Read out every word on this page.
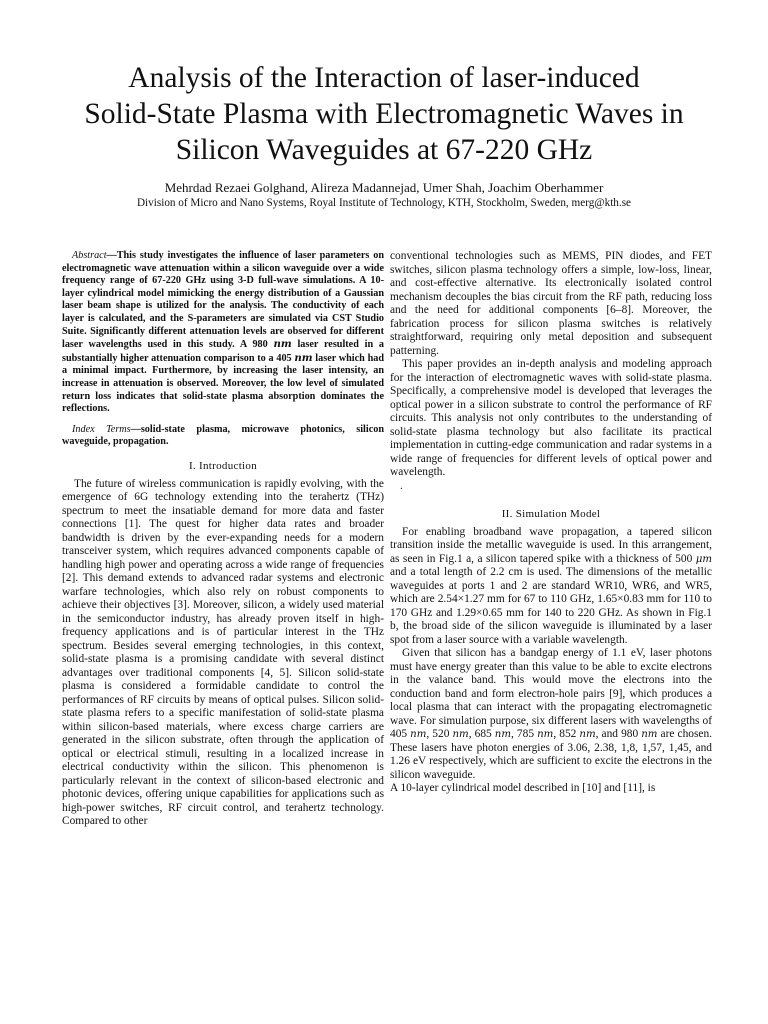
Analysis of the Interaction of laser-induced
Solid-State Plasma with Electromagnetic Waves in
Silicon Waveguides at 67-220 GHz
Mehrdad Rezaei Golghand, Alireza Madannejad, Umer Shah, Joachim Oberhammer
Division of Micro and Nano Systems, Royal Institute of Technology, KTH, Stockholm, Sweden, merg@kth.se

Abstract—This study investigates the influence of laser parameters on electromagnetic wave attenuation within a silicon waveguide over a wide frequency range of 67-220 GHz using 3-D full-wave simulations. A 10-layer cylindrical model mimicking the energy distribution of a Gaussian laser beam shape is utilized for the analysis. The conductivity of each layer is calculated, and the S-parameters are simulated via CST Studio Suite. Significantly different attenuation levels are observed for different laser wavelengths used in this study. A 980 nm laser resulted in a substantially higher attenuation comparison to a 405 nm laser which had a minimal impact. Furthermore, by increasing the laser intensity, an increase in attenuation is observed. Moreover, the low level of simulated return loss indicates that solid-state plasma absorption dominates the reflections.

Index Terms—solid-state plasma, microwave photonics, silicon waveguide, propagation.

I. Introduction

The future of wireless communication is rapidly evolving, with the emergence of 6G technology extending into the terahertz (THz) spectrum to meet the insatiable demand for more data and faster connections [1]. The quest for higher data rates and broader bandwidth is driven by the ever-expanding needs for a modern transceiver system, which requires advanced components capable of handling high power and operating across a wide range of frequencies [2]. This demand extends to advanced radar systems and electronic warfare technologies, which also rely on robust components to achieve their objectives [3]. Moreover, silicon, a widely used material in the semiconductor industry, has already proven itself in high-frequency applications and is of particular interest in the THz spectrum. Besides several emerging technologies, in this context, solid-state plasma is a promising candidate with several distinct advantages over traditional components [4, 5]. Silicon solid-state plasma is considered a formidable candidate to control the performances of RF circuits by means of optical pulses. Silicon solid-state plasma refers to a specific manifestation of solid-state plasma within silicon-based materials, where excess charge carriers are generated in the silicon substrate, often through the application of optical or electrical stimuli, resulting in a localized increase in electrical conductivity within the silicon. This phenomenon is particularly relevant in the context of silicon-based electronic and photonic devices, offering unique capabilities for applications such as high-power switches, RF circuit control, and terahertz technology. Compared to other

conventional technologies such as MEMS, PIN diodes, and FET switches, silicon plasma technology offers a simple, low-loss, linear, and cost-effective alternative. Its electronically isolated control mechanism decouples the bias circuit from the RF path, reducing loss and the need for additional components [6–8]. Moreover, the fabrication process for silicon plasma switches is relatively straightforward, requiring only metal deposition and subsequent patterning.

This paper provides an in-depth analysis and modeling approach for the interaction of electromagnetic waves with solid-state plasma. Specifically, a comprehensive model is developed that leverages the optical power in a silicon substrate to control the performance of RF circuits. This analysis not only contributes to the understanding of solid-state plasma technology but also facilitate its practical implementation in cutting-edge communication and radar systems in a wide range of frequencies for different levels of optical power and wavelength.

.

II. Simulation Model

For enabling broadband wave propagation, a tapered silicon transition inside the metallic waveguide is used. In this arrangement, as seen in Fig.1 a, a silicon tapered spike with a thickness of 500 μm and a total length of 2.2 cm is used. The dimensions of the metallic waveguides at ports 1 and 2 are standard WR10, WR6, and WR5, which are 2.54×1.27 mm for 67 to 110 GHz, 1.65×0.83 mm for 110 to 170 GHz and 1.29×0.65 mm for 140 to 220 GHz. As shown in Fig.1 b, the broad side of the silicon waveguide is illuminated by a laser spot from a laser source with a variable wavelength.

Given that silicon has a bandgap energy of 1.1 eV, laser photons must have energy greater than this value to be able to excite electrons in the valance band. This would move the electrons into the conduction band and form electron-hole pairs [9], which produces a local plasma that can interact with the propagating electromagnetic wave. For simulation purpose, six different lasers with wavelengths of 405 nm, 520 nm, 685 nm, 785 nm, 852 nm, and 980 nm are chosen. These lasers have photon energies of 3.06, 2.38, 1,8, 1,57, 1,45, and 1.26 eV respectively, which are sufficient to excite the electrons in the silicon waveguide.

A 10-layer cylindrical model described in [10] and [11], is
